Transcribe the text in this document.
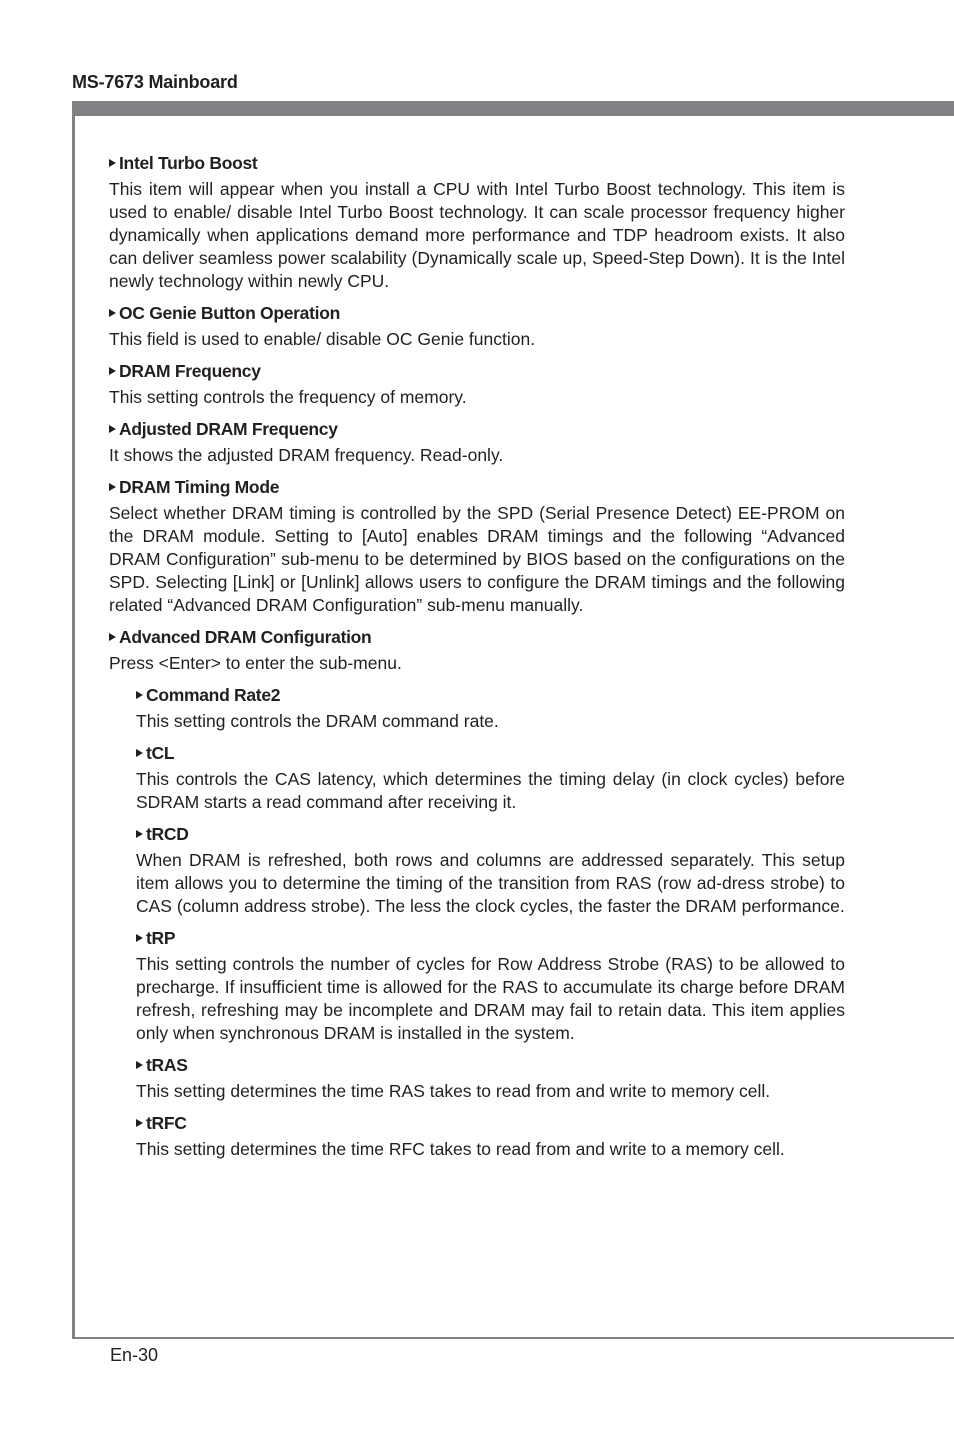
MS-7673 Mainboard
Intel Turbo Boost
This item will appear when you install a CPU with Intel Turbo Boost technology. This item is used to enable/ disable Intel Turbo Boost technology. It can scale processor frequency higher dynamically when applications demand more performance and TDP headroom exists. It also can deliver seamless power scalability (Dynamically scale up, Speed-Step Down). It is the Intel newly technology within newly CPU.
OC Genie Button Operation
This field is used to enable/ disable OC Genie function.
DRAM Frequency
This setting controls the frequency of memory.
Adjusted DRAM Frequency
It shows the adjusted DRAM frequency. Read-only.
DRAM Timing Mode
Select whether DRAM timing is controlled by the SPD (Serial Presence Detect) EE-PROM on the DRAM module. Setting to [Auto] enables DRAM timings and the following “Advanced DRAM Configuration” sub-menu to be determined by BIOS based on the configurations on the SPD. Selecting [Link] or [Unlink] allows users to configure the DRAM timings and the following related “Advanced DRAM Configuration” sub-menu manually.
Advanced DRAM Configuration
Press <Enter> to enter the sub-menu.
Command Rate2
This setting controls the DRAM command rate.
tCL
This controls the CAS latency, which determines the timing delay (in clock cycles) before SDRAM starts a read command after receiving it.
tRCD
When DRAM is refreshed, both rows and columns are addressed separately. This setup item allows you to determine the timing of the transition from RAS (row ad-dress strobe) to CAS (column address strobe). The less the clock cycles, the faster the DRAM performance.
tRP
This setting controls the number of cycles for Row Address Strobe (RAS) to be allowed to precharge. If insufficient time is allowed for the RAS to accumulate its charge before DRAM refresh, refreshing may be incomplete and DRAM may fail to retain data. This item applies only when synchronous DRAM is installed in the system.
tRAS
This setting determines the time RAS takes to read from and write to memory cell.
tRFC
This setting determines the time RFC takes to read from and write to a memory cell.
En-30
